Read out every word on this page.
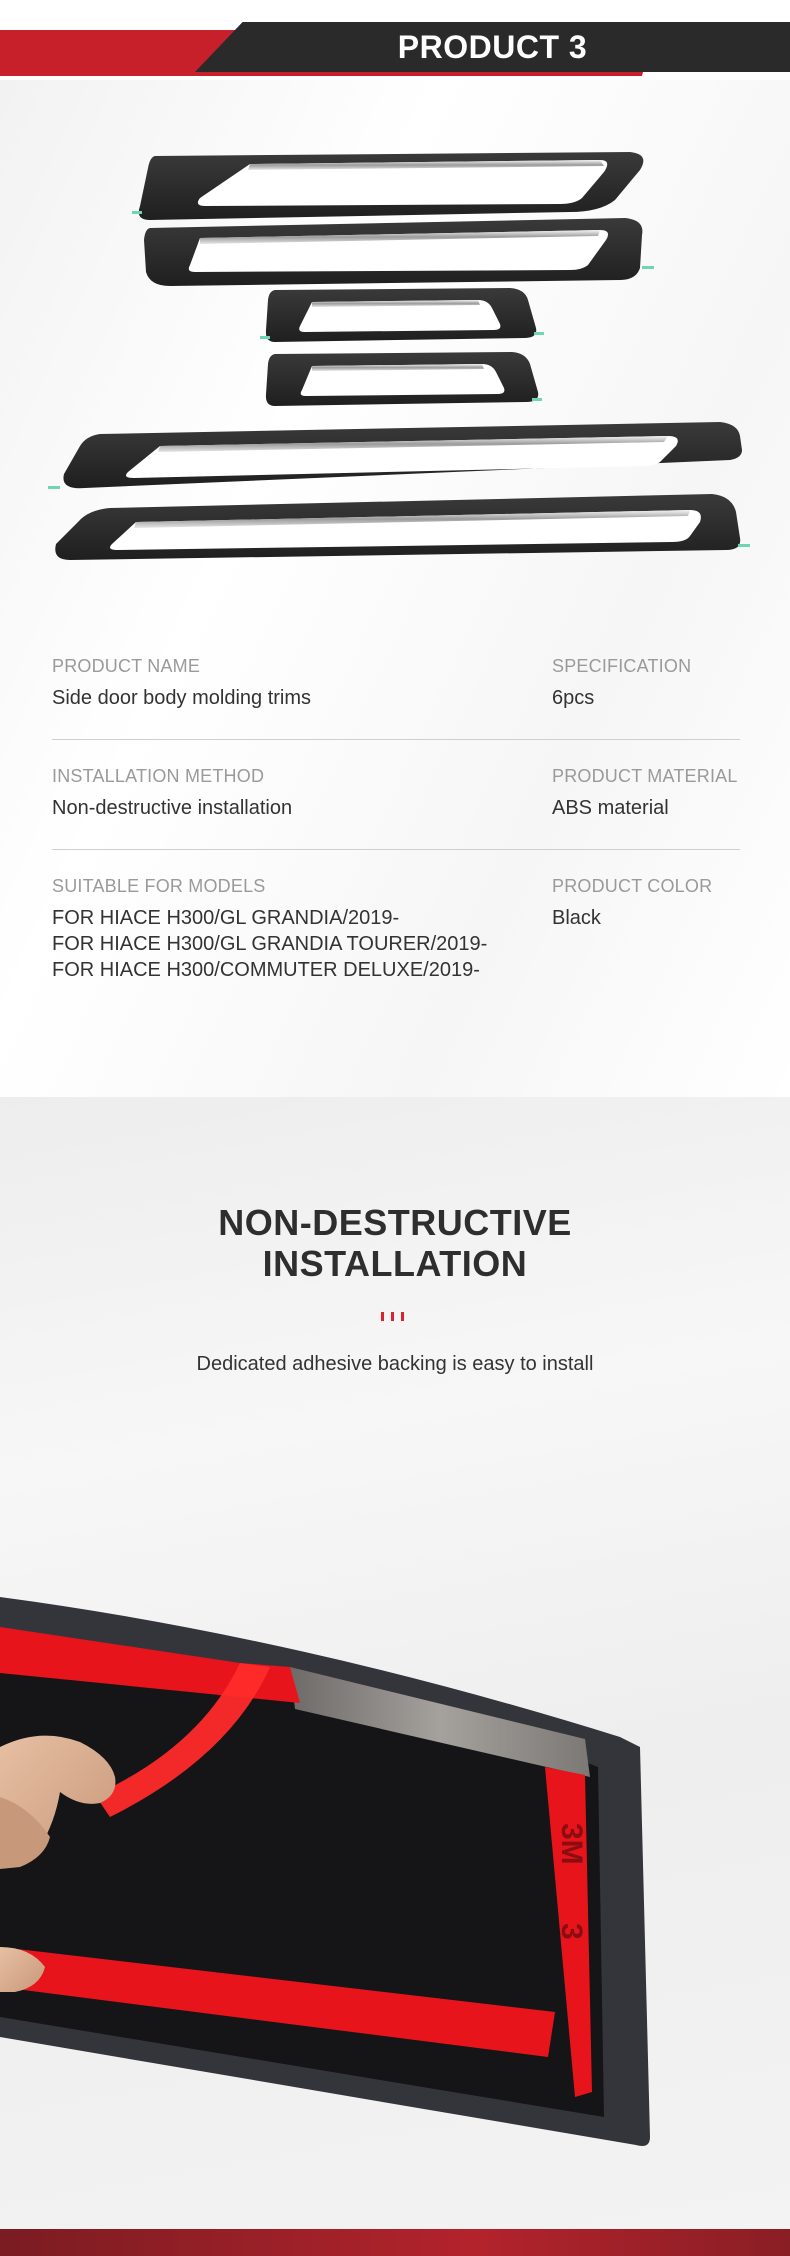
PRODUCT 3
PRODUCT NAME
Side door body molding trims
SPECIFICATION
6pcs
INSTALLATION METHOD
Non-destructive installation
PRODUCT MATERIAL
ABS material
SUITABLE FOR MODELS
FOR HIACE H300/GL GRANDIA/2019-
FOR HIACE H300/GL GRANDIA TOURER/2019-
FOR HIACE H300/COMMUTER DELUXE/2019-
PRODUCT COLOR
Black
NON-DESTRUCTIVE
INSTALLATION
Dedicated adhesive backing is easy to install
3M
3
